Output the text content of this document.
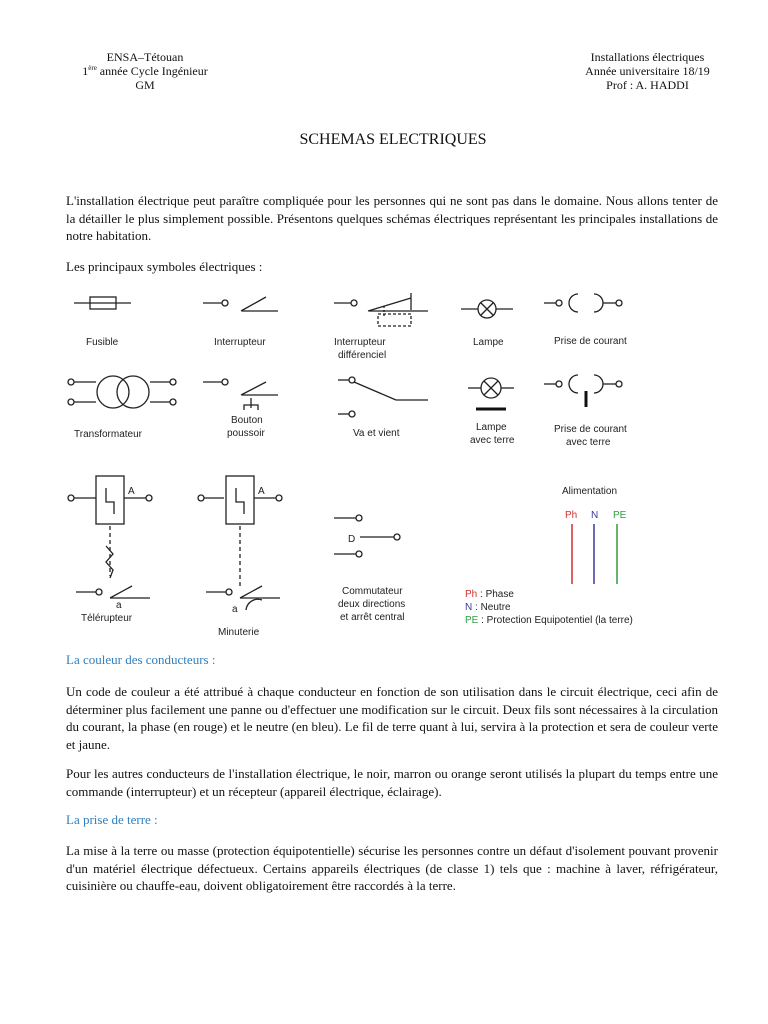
ENSA–Tétouan
1ère année Cycle Ingénieur
GM
Installations électriques
Année universitaire 18/19
Prof : A. HADDI
SCHEMAS ELECTRIQUES
L'installation électrique peut paraître compliquée pour les personnes qui ne sont pas dans le domaine. Nous allons tenter de la détailler le plus simplement possible. Présentons quelques schémas électriques représentant les principales installations de notre habitation.
Les principaux symboles électriques :
Fusible	Interrupteur	Interrupteur
différenciel
Lampe	Prise de courant
Transformateur
Bouton
poussoir	Va et vient
Lampe
avec terre
Prise de courant
avec terre
A
a
Télérupteur
A
a
Minuterie
D
Commutateur
deux directions
et arrêt central
Alimentation
Ph N PE
Ph : Phase
N : Neutre
PE : Protection Equipotentiel (la terre)
La couleur des conducteurs :
Un code de couleur a été attribué à chaque conducteur en fonction de son utilisation dans le circuit électrique, ceci afin de déterminer plus facilement une panne ou d'effectuer une modification sur le circuit. Deux fils sont nécessaires à la circulation du courant, la phase (en rouge) et le neutre (en bleu). Le fil de terre quant à lui, servira à la protection et sera de couleur verte et jaune.
Pour les autres conducteurs de l'installation électrique, le noir, marron ou orange seront utilisés la plupart du temps entre une commande (interrupteur) et un récepteur (appareil électrique, éclairage).
La prise de terre :
La mise à la terre ou masse (protection équipotentielle) sécurise les personnes contre un défaut d'isolement pouvant provenir d'un matériel électrique défectueux. Certains appareils électriques (de classe 1) tels que : machine à laver, réfrigérateur, cuisinière ou chauffe-eau, doivent obligatoirement être raccordés à la terre.
